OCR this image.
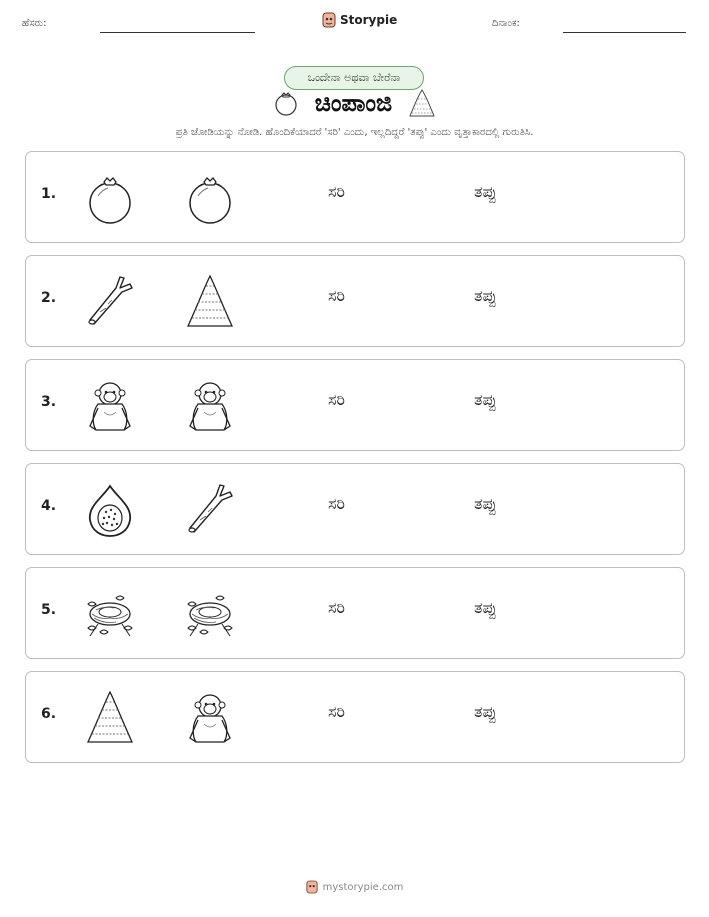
ಹೆಸರು:	Storypie	ದಿನಾಂಕ:
ಒಂದೇನಾ ಅಥವಾ ಬೇರೆನಾ
ಚಿಂಪಾಂಜಿ
ಪ್ರತಿ ಜೋಡಿಯನ್ನು ನೋಡಿ. ಹೊಂದಿಕೆಯಾದರೆ 'ಸರಿ' ಎಂದು, ಇಲ್ಲದಿದ್ದರೆ 'ತಪ್ಪು' ಎಂದು ವೃತ್ತಾಕಾರದಲ್ಲಿ ಗುರುತಿಸಿ.
1.	ಸರಿ	ತಪ್ಪು
2.	ಸರಿ	ತಪ್ಪು
3.	ಸರಿ	ತಪ್ಪು
4.	ಸರಿ	ತಪ್ಪು
5.	ಸರಿ	ತಪ್ಪು
6.	ಸರಿ	ತಪ್ಪು
mystorypie.com
